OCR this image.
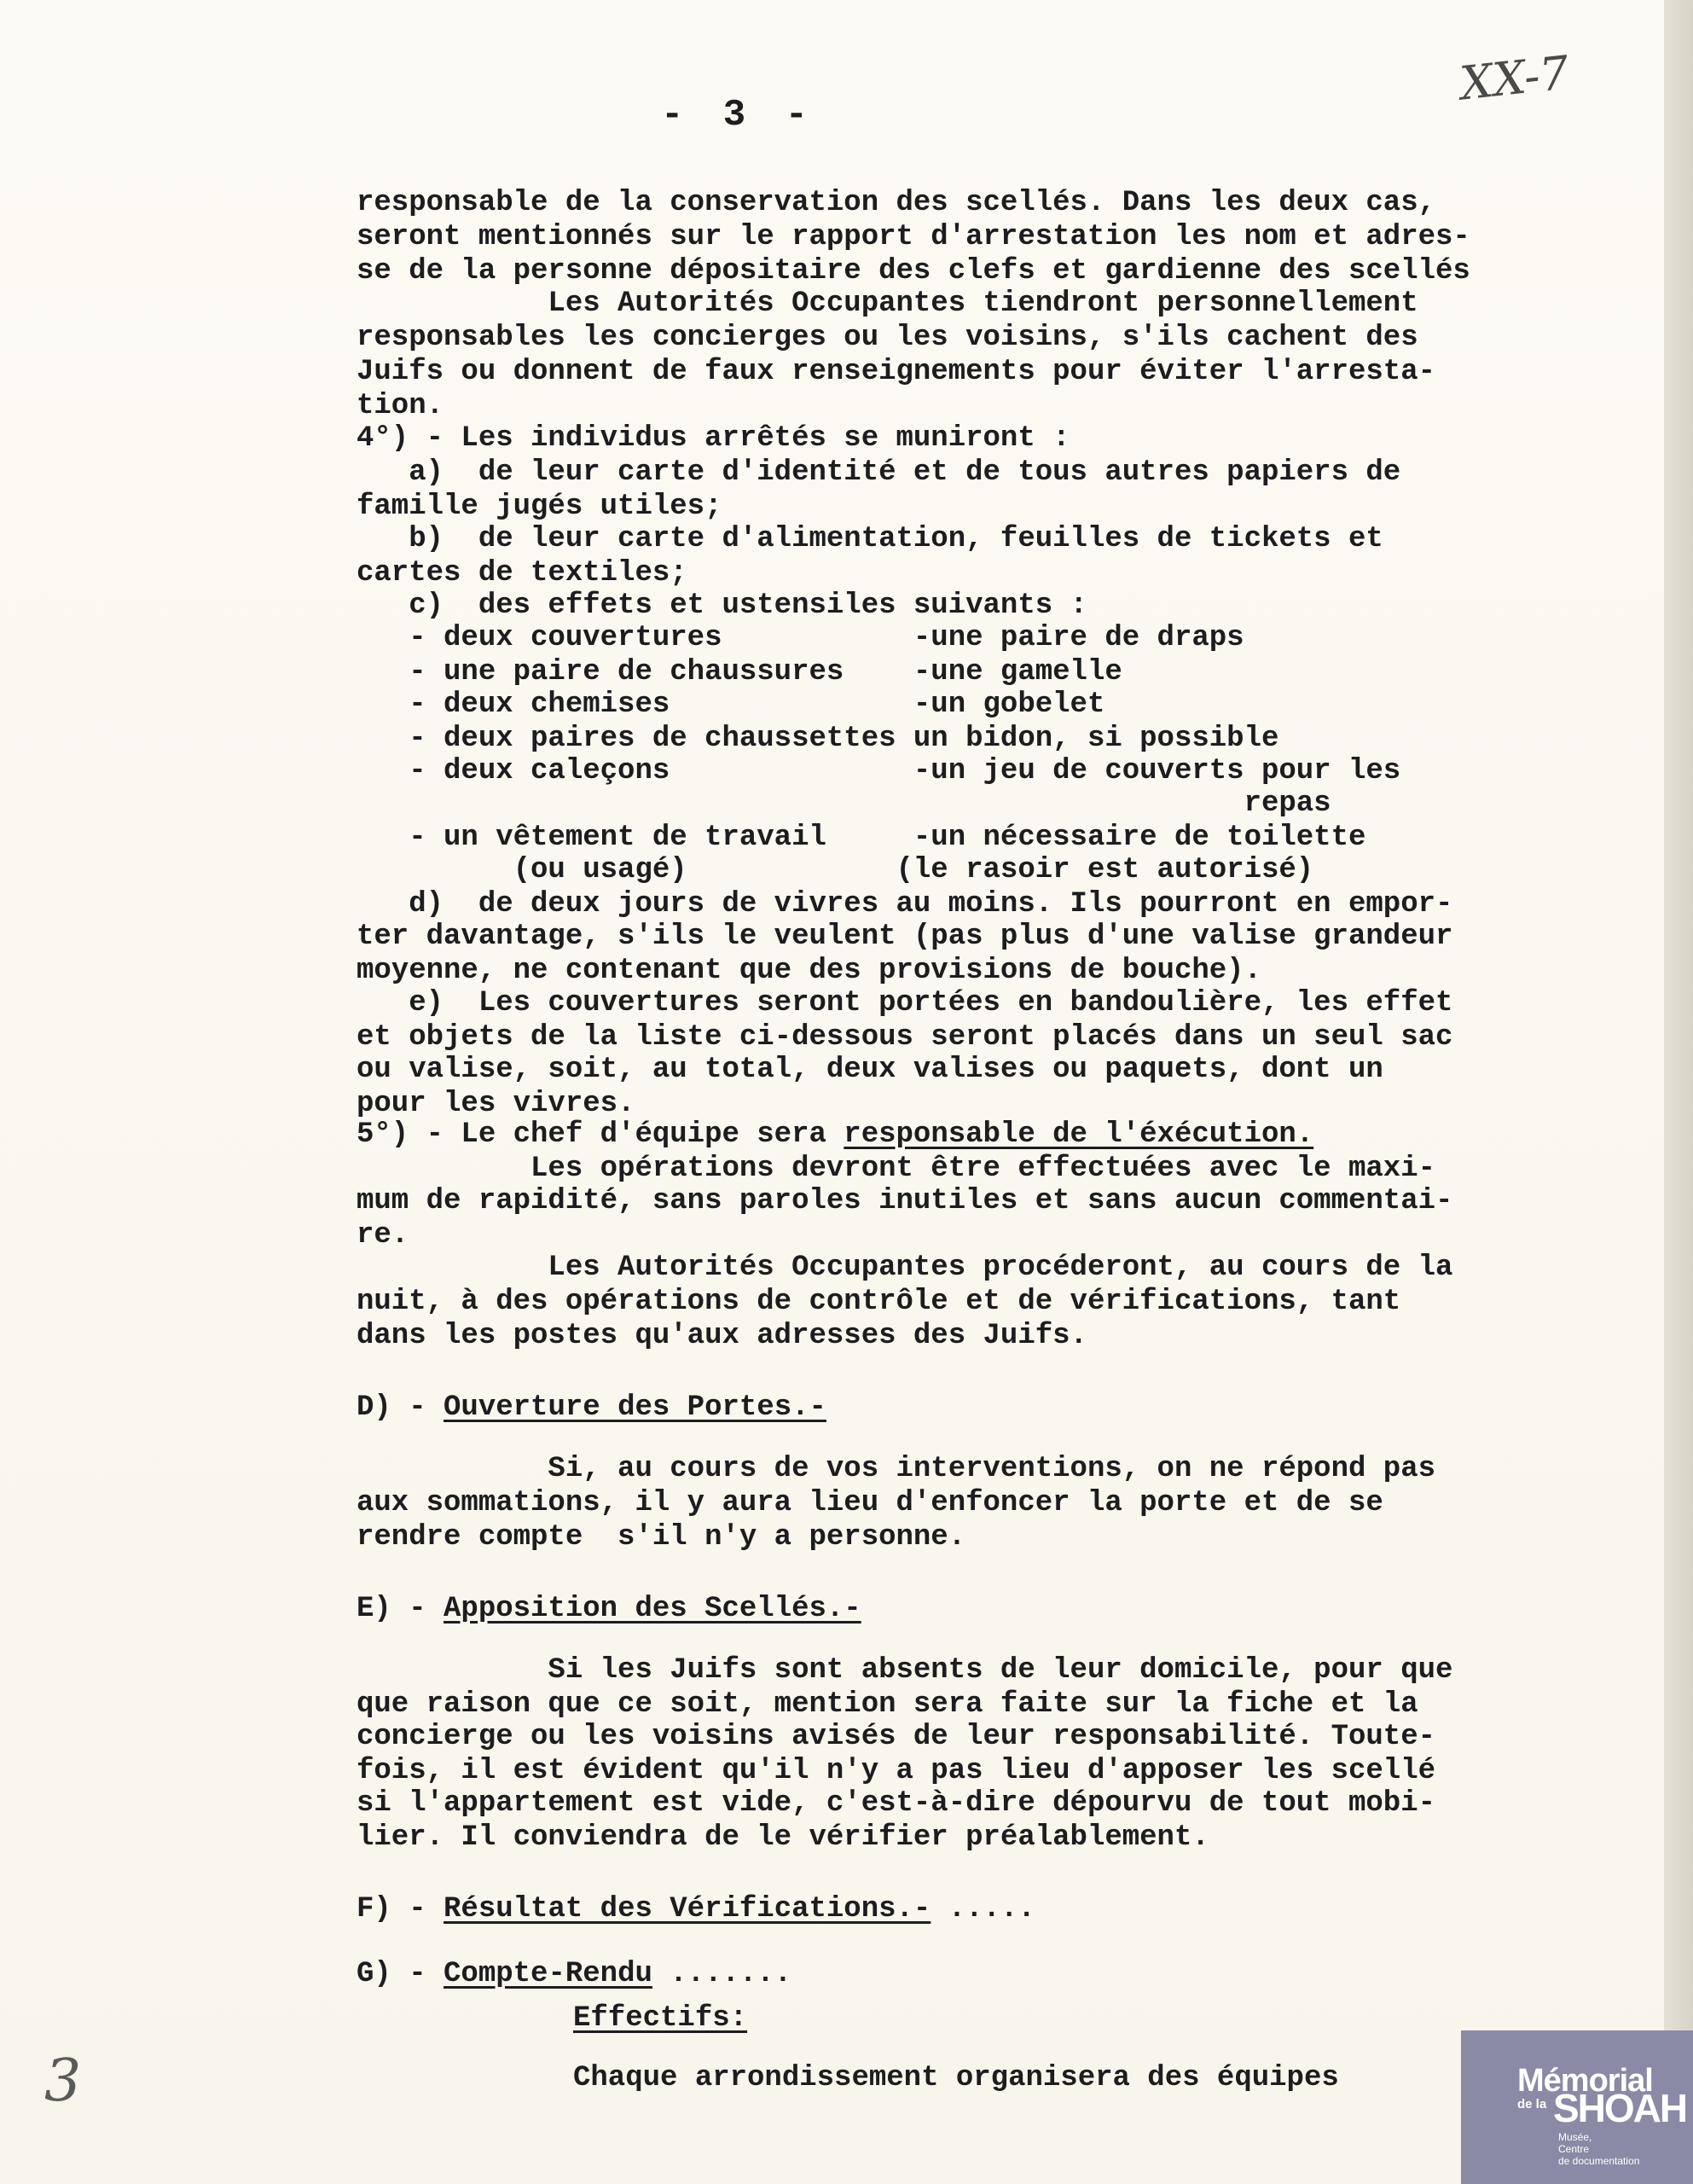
- 3 -
XX-7
responsable de la conservation des scellés. Dans les deux cas,
seront mentionnés sur le rapport d'arrestation les nom et adres-
se de la personne dépositaire des clefs et gardienne des scellés
Les Autorités Occupantes tiendront personnellement
responsables les concierges ou les voisins, s'ils cachent des
Juifs ou donnent de faux renseignements pour éviter l'arresta-
tion.
4°) - Les individus arrêtés se muniront :
a)  de leur carte d'identité et de tous autres papiers de
famille jugés utiles;
b)  de leur carte d'alimentation, feuilles de tickets et
cartes de textiles;
c)  des effets et ustensiles suivants :
- deux couvertures           -une paire de draps
- une paire de chaussures    -une gamelle
- deux chemises              -un gobelet
- deux paires de chaussettes un bidon, si possible
- deux caleçons              -un jeu de couverts pour les
repas
- un vêtement de travail     -un nécessaire de toilette
(ou usagé)            (le rasoir est autorisé)
d)  de deux jours de vivres au moins. Ils pourront en empor-
ter davantage, s'ils le veulent (pas plus d'une valise grandeur
moyenne, ne contenant que des provisions de bouche).
e)  Les couvertures seront portées en bandoulière, les effet
et objets de la liste ci-dessous seront placés dans un seul sac
ou valise, soit, au total, deux valises ou paquets, dont un
pour les vivres.
5°) - Le chef d'équipe sera responsable de l'éxécution.
Les opérations devront être effectuées avec le maxi-
mum de rapidité, sans paroles inutiles et sans aucun commentai-
re.
Les Autorités Occupantes procéderont, au cours de la
nuit, à des opérations de contrôle et de vérifications, tant
dans les postes qu'aux adresses des Juifs.
D) - Ouverture des Portes.-
Si, au cours de vos interventions, on ne répond pas
aux sommations, il y aura lieu d'enfoncer la porte et de se
rendre compte  s'il n'y a personne.
E) - Apposition des Scellés.-
Si les Juifs sont absents de leur domicile, pour que
que raison que ce soit, mention sera faite sur la fiche et la
concierge ou les voisins avisés de leur responsabilité. Toute-
fois, il est évident qu'il n'y a pas lieu d'apposer les scellé
si l'appartement est vide, c'est-à-dire dépourvu de tout mobi-
lier. Il conviendra de le vérifier préalablement.
F) - Résultat des Vérifications.- .....
G) - Compte-Rendu .......
Effectifs:
Chaque arrondissement organisera des équipes
3	Mémorial
de la SHOAH
Musée,
Centre
de documentation
